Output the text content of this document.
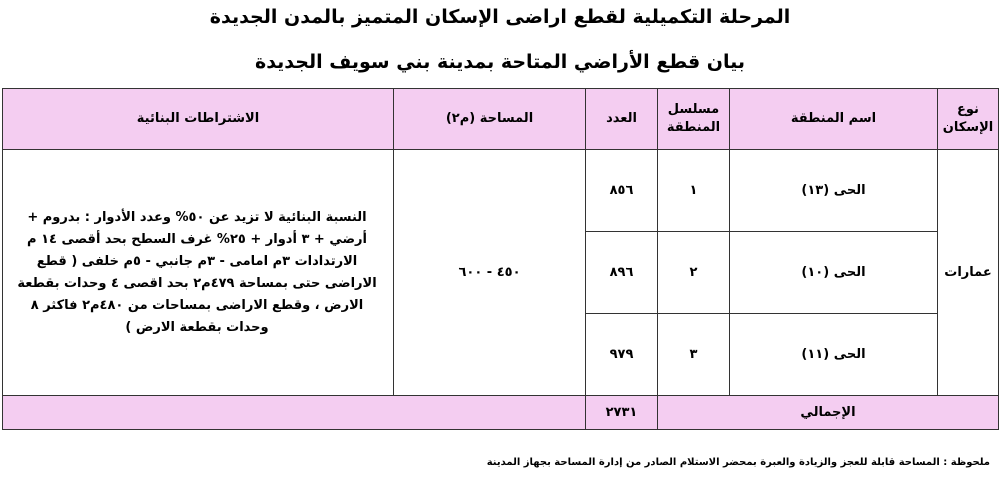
المرحلة التكميلية لقطع اراضى الإسكان المتميز بالمدن الجديدة
بيان قطع الأراضي المتاحة بمدينة بني سويف الجديدة
نوع الإسكان	اسم المنطقة	مسلسل المنطقة	العدد	المساحة (م٢)	الاشتراطات البنائية
عمارات	الحى (١٣)	١	٨٥٦	٤٥٠ - ٦٠٠	النسبة البنائية لا تزيد عن ٥٠% وعدد الأدوار : بدروم + أرضي + ٣ أدوار + ٢٥% غرف السطح بحد أقصى ١٤ م الارتدادات ٣م امامى - ٣م جانبي - ٥م خلفى ( قطع الاراضى حتى بمساحة ٤٧٩م٢ بحد اقصى ٤ وحدات بقطعة الارض ، وقطع الاراضى بمساحات من ٤٨٠م٢ فاكثر ٨ وحدات بقطعة الارض )
	الحى (١٠)	٢	٨٩٦		
	الحى (١١)	٣	٩٧٩		
الإجمالي			٢٧٣١		
ملحوظة : المساحة قابلة للعجز والزيادة والعبرة بمحضر الاستلام الصادر من إدارة المساحة بجهاز المدينة
